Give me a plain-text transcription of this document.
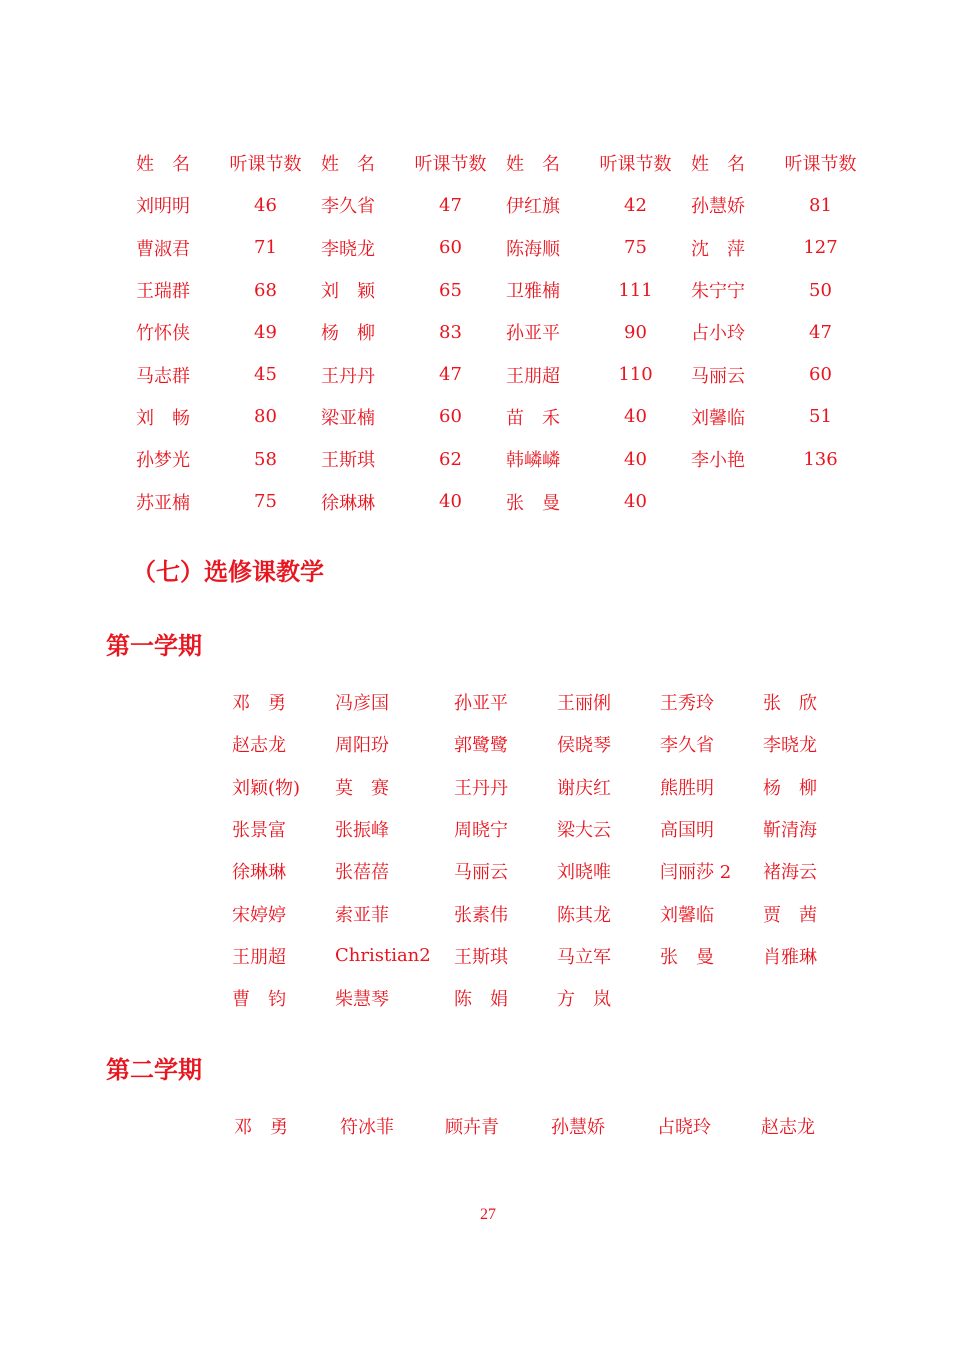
姓　名	听课节数	姓　名	听课节数	姓　名	听课节数	姓　名	听课节数
刘明明	46	李久省	47	伊红旗	42	孙慧娇	81
曹淑君	71	李晓龙	60	陈海顺	75	沈　萍	127
王瑞群	68	刘　颖	65	卫雅楠	111	朱宁宁	50
竹怀侠	49	杨　柳	83	孙亚平	90	占小玲	47
马志群	45	王丹丹	47	王朋超	110	马丽云	60
刘　畅	80	梁亚楠	60	苗　禾	40	刘馨临	51
孙梦光	58	王斯琪	62	韩嶙嶙	40	李小艳	136
苏亚楠	75	徐琳琳	40	张　曼	40		
（七）选修课教学
第一学期
邓　勇	冯彦国	孙亚平	王丽俐	王秀玲	张　欣
赵志龙	周阳玢	郭鹭鹭	侯晓琴	李久省	李晓龙
刘颖(物)	莫　赛	王丹丹	谢庆红	熊胜明	杨　柳
张景富	张振峰	周晓宁	梁大云	高国明	靳清海
徐琳琳	张蓓蓓	马丽云	刘晓唯	闫丽莎 2	褚海云
宋婷婷	索亚菲	张素伟	陈其龙	刘馨临	贾　茜
王朋超	Christian2	王斯琪	马立军	张　曼	肖雅琳
曹　钧	柴慧琴	陈　娟	方　岚
第二学期
邓　勇	符冰菲	顾卉青	孙慧娇	占晓玲	赵志龙
27
